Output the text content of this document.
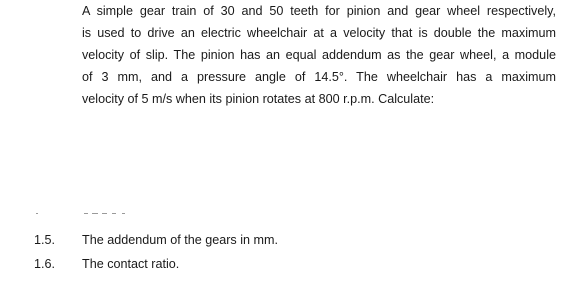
A simple gear train of 30 and 50 teeth for pinion and gear wheel respectively,
is used to drive an electric wheelchair at a velocity that is double the maximum
velocity of slip. The pinion has an equal addendum as the gear wheel, a module
of 3 mm, and a pressure angle of 14.5°. The wheelchair has a maximum
velocity of 5 m/s when its pinion rotates at 800 r.p.m. Calculate:
1.5. The addendum of the gears in mm.
1.6. The contact ratio.
